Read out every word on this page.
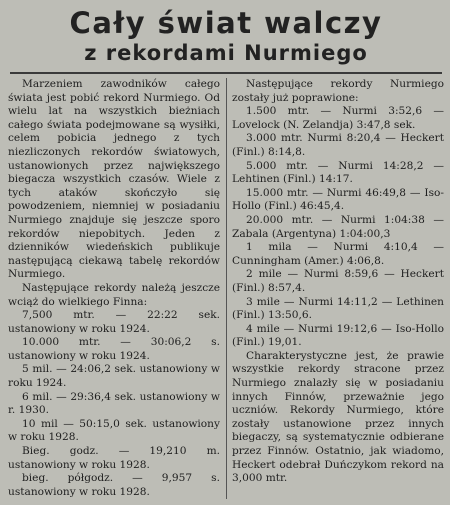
Cały świat walczy
z rekordami Nurmiego

Marzeniem zawodników całego świata jest pobić rekord Nurmiego. Od wielu lat na wszystkich bieżniach całego świata podejmowane są wysiłki, celem pobicia jednego z tych niezliczonych rekordów światowych, ustanowionych przez największego biegacza wszystkich czasów. Wiele z tych ataków skończyło się powodzeniem, niemniej w posiadaniu Nurmiego znajduje się jeszcze sporo rekordów niepobitych. Jeden z dzienników wiedeńskich publikuje następującą ciekawą tabelę rekordów Nurmiego.

Następujące rekordy należą jeszcze wciąż do wielkiego Finna:

7,500 mtr. — 22:22 sek. ustanowiony w roku 1924.

10.000 mtr. — 30:06,2 s. ustanowiony w roku 1924.

5 mil. — 24:06,2 sek. ustanowiony w roku 1924.

6 mil. — 29:36,4 sek. ustanowiony w r. 1930.

10 mil — 50:15,0 sek. ustanowiony w roku 1928.

Bieg. godz. — 19,210 m. ustanowiony w roku 1928.

bieg. półgodz. — 9,957 s. ustanowiony w roku 1928.

Następujące rekordy Nurmiego zostały już poprawione:

1.500 mtr. — Nurmi 3:52,6 — Lovelock (N. Zelandja) 3:47,8 sek.

3.000 mtr. Nurmi 8:20,4 — Heckert (Finl.) 8:14,8.

5.000 mtr. — Nurmi 14:28,2 — Lehtinen (Finl.) 14:17.

15.000 mtr. — Nurmi 46:49,8 — Iso-Hollo (Finl.) 46:45,4.

20.000 mtr. — Nurmi 1:04:38 — Zabala (Argentyna) 1:04:00,3

1 mila — Nurmi 4:10,4 — Cunningham (Amer.) 4:06,8.

2 mile — Nurmi 8:59,6 — Heckert (Finl.) 8:57,4.

3 mile — Nurmi 14:11,2 — Lethinen (Finl.) 13:50,6.

4 mile — Nurmi 19:12,6 — Iso-Hollo (Finl.) 19,01.

Charakterystyczne jest, że prawie wszystkie rekordy stracone przez Nurmiego znalazły się w posiadaniu innych Finnów, przeważnie jego uczniów. Rekordy Nurmiego, które zostały ustanowione przez innych biegaczy, są systematycznie odbierane przez Finnów. Ostatnio, jak wiadomo, Heckert odebrał Duńczykom rekord na 3,000 mtr.
